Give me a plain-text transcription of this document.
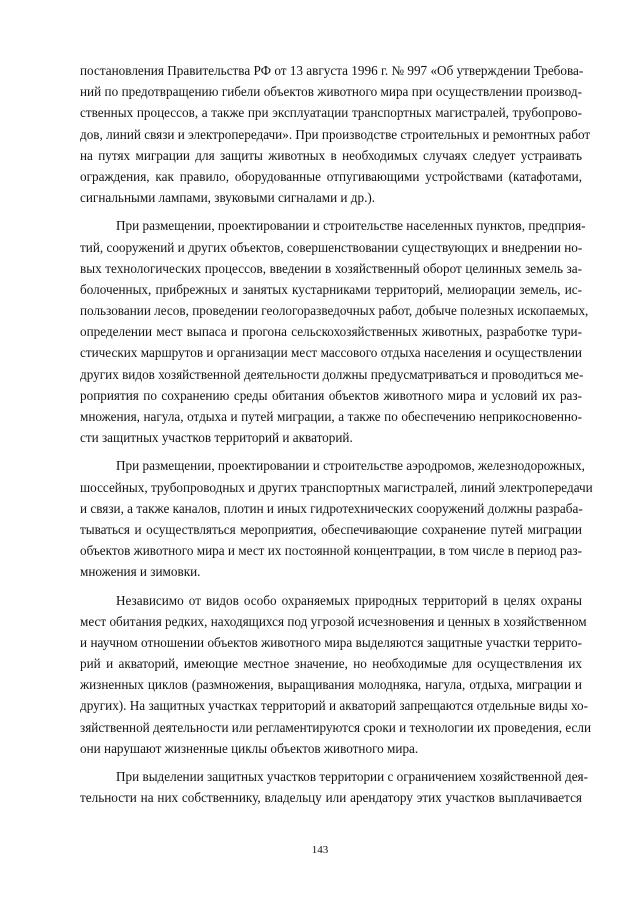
постановления Правительства РФ от 13 августа 1996 г. № 997 «Об утверждении Требова-
ний по предотвращению гибели объектов животного мира при осуществлении производ-
ственных процессов, а также при эксплуатации транспортных магистралей, трубопрово-
дов, линий связи и электропередачи». При производстве строительных и ремонтных работ
на путях миграции для защиты животных в необходимых случаях следует устраивать
ограждения, как правило, оборудованные отпугивающими устройствами (катафотами,
сигнальными лампами, звуковыми сигналами и др.).
При размещении, проектировании и строительстве населенных пунктов, предприя-
тий, сооружений и других объектов, совершенствовании существующих и внедрении но-
вых технологических процессов, введении в хозяйственный оборот целинных земель за-
болоченных, прибрежных и занятых кустарниками территорий, мелиорации земель, ис-
пользовании лесов, проведении геологоразведочных работ, добыче полезных ископаемых,
определении мест выпаса и прогона сельскохозяйственных животных, разработке тури-
стических маршрутов и организации мест массового отдыха населения и осуществлении
других видов хозяйственной деятельности должны предусматриваться и проводиться ме-
роприятия по сохранению среды обитания объектов животного мира и условий их раз-
множения, нагула, отдыха и путей миграции, а также по обеспечению неприкосновенно-
сти защитных участков территорий и акваторий.
При размещении, проектировании и строительстве аэродромов, железнодорожных,
шоссейных, трубопроводных и других транспортных магистралей, линий электропередачи
и связи, а также каналов, плотин и иных гидротехнических сооружений должны разраба-
тываться и осуществляться мероприятия, обеспечивающие сохранение путей миграции
объектов животного мира и мест их постоянной концентрации, в том числе в период раз-
множения и зимовки.
Независимо от видов особо охраняемых природных территорий в целях охраны
мест обитания редких, находящихся под угрозой исчезновения и ценных в хозяйственном
и научном отношении объектов животного мира выделяются защитные участки террито-
рий и акваторий, имеющие местное значение, но необходимые для осуществления их
жизненных циклов (размножения, выращивания молодняка, нагула, отдыха, миграции и
других). На защитных участках территорий и акваторий запрещаются отдельные виды хо-
зяйственной деятельности или регламентируются сроки и технологии их проведения, если
они нарушают жизненные циклы объектов животного мира.
При выделении защитных участков территории с ограничением хозяйственной дея-
тельности на них собственнику, владельцу или арендатору этих участков выплачивается
143
